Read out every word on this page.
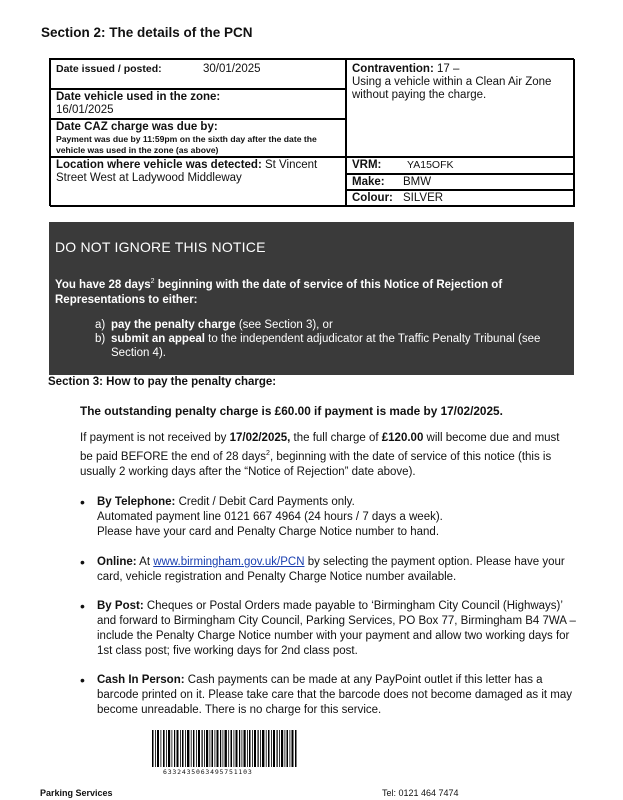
Section 2: The details of the PCN
Date issued / posted:	30/01/2025
Date vehicle used in the zone:
16/01/2025
Date CAZ charge was due by:
Payment was due by 11:59pm on the sixth day after the date the vehicle was used in the zone (as above)
Location where vehicle was detected: St Vincent Street West at Ladywood Middleway
Contravention: 17 –
Using a vehicle within a Clean Air Zone without paying the charge.
VRM: YA15OFK
Make: BMW
Colour: SILVER
DO NOT IGNORE THIS NOTICE
You have 28 days$^2$ beginning with the date of service of this Notice of Rejection of Representations to either:
a) pay the penalty charge (see Section 3), or
b) submit an appeal to the independent adjudicator at the Traffic Penalty Tribunal (see Section 4).
Section 3: How to pay the penalty charge:
The outstanding penalty charge is £60.00 if payment is made by 17/02/2025.
If payment is not received by 17/02/2025, the full charge of £120.00 will become due and must be paid BEFORE the end of 28 days$^2$, beginning with the date of service of this notice (this is usually 2 working days after the “Notice of Rejection” date above).
• By Telephone: Credit / Debit Card Payments only.
Automated payment line 0121 667 4964 (24 hours / 7 days a week).
Please have your card and Penalty Charge Notice number to hand.
• Online: At www.birmingham.gov.uk/PCN by selecting the payment option. Please have your card, vehicle registration and Penalty Charge Notice number available.
• By Post: Cheques or Postal Orders made payable to ‘Birmingham City Council (Highways)’ and forward to Birmingham City Council, Parking Services, PO Box 77, Birmingham B4 7WA – include the Penalty Charge Notice number with your payment and allow two working days for 1st class post; five working days for 2nd class post.
• Cash In Person: Cash payments can be made at any PayPoint outlet if this letter has a barcode printed on it. Please take care that the barcode does not become damaged as it may become unreadable. There is no charge for this service.
6332435063495751103
Parking Services	Tel: 0121 464 7474
